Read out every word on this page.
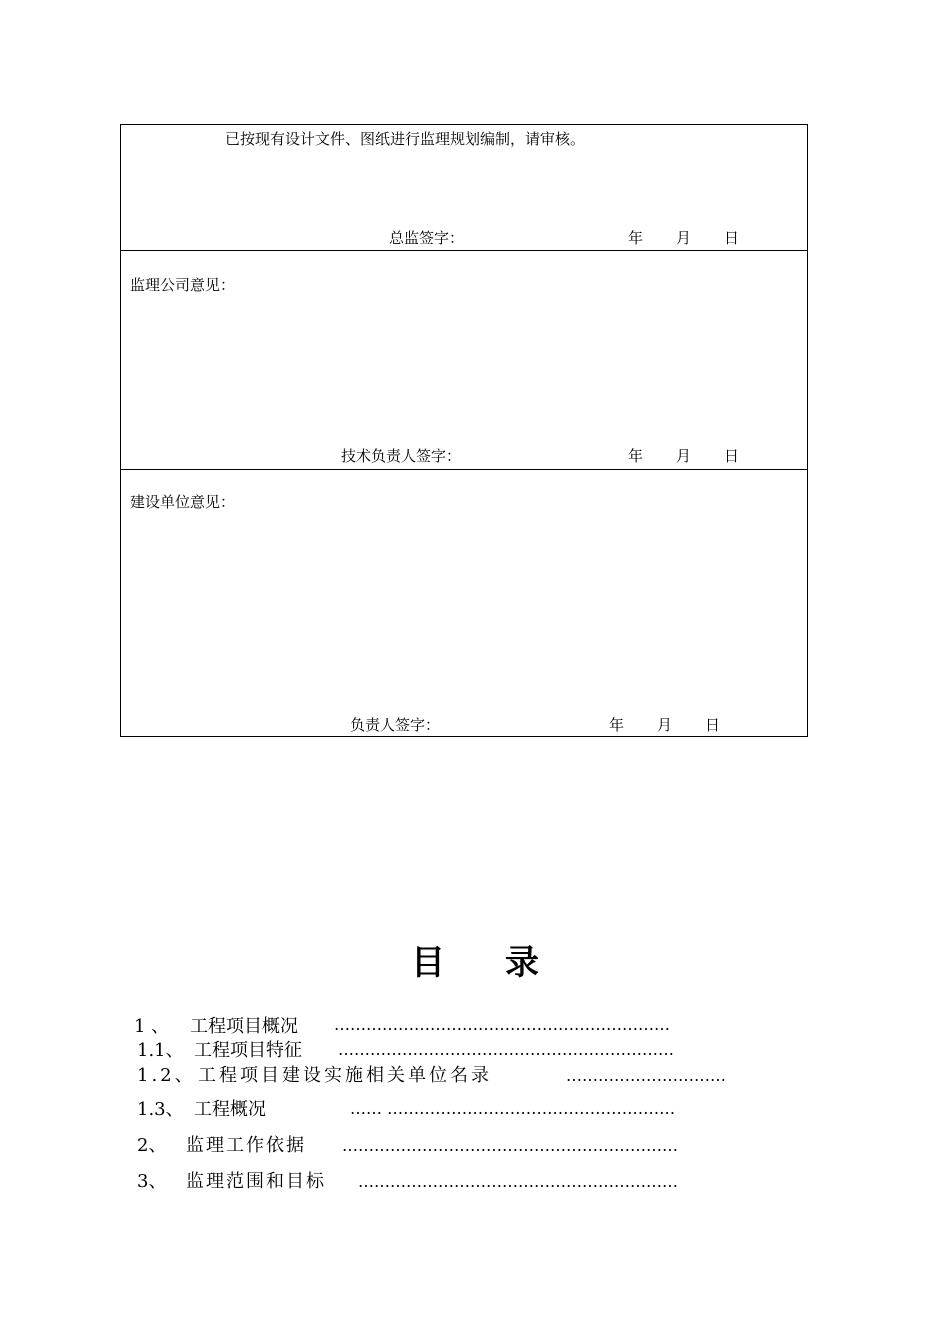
已按现有设计文件、图纸进行监理规划编制，请审核。
总监签字：	年 月 日
监理公司意见：
技术负责人签字：	年 月 日
建设单位意见：
负责人签字：	年 月 日
目 录
1 、 工程项目概况 ………………………………………………………
1.1、 工程项目特征 ………………………………………………………
1.2、 工程项目建设实施相关单位名录	…………………………
1.3、 工程概况	…… ………………………………………………
2、 监理工作依据 ………………………………………………………
3、 监理范围和目标 ……………………………………………………
